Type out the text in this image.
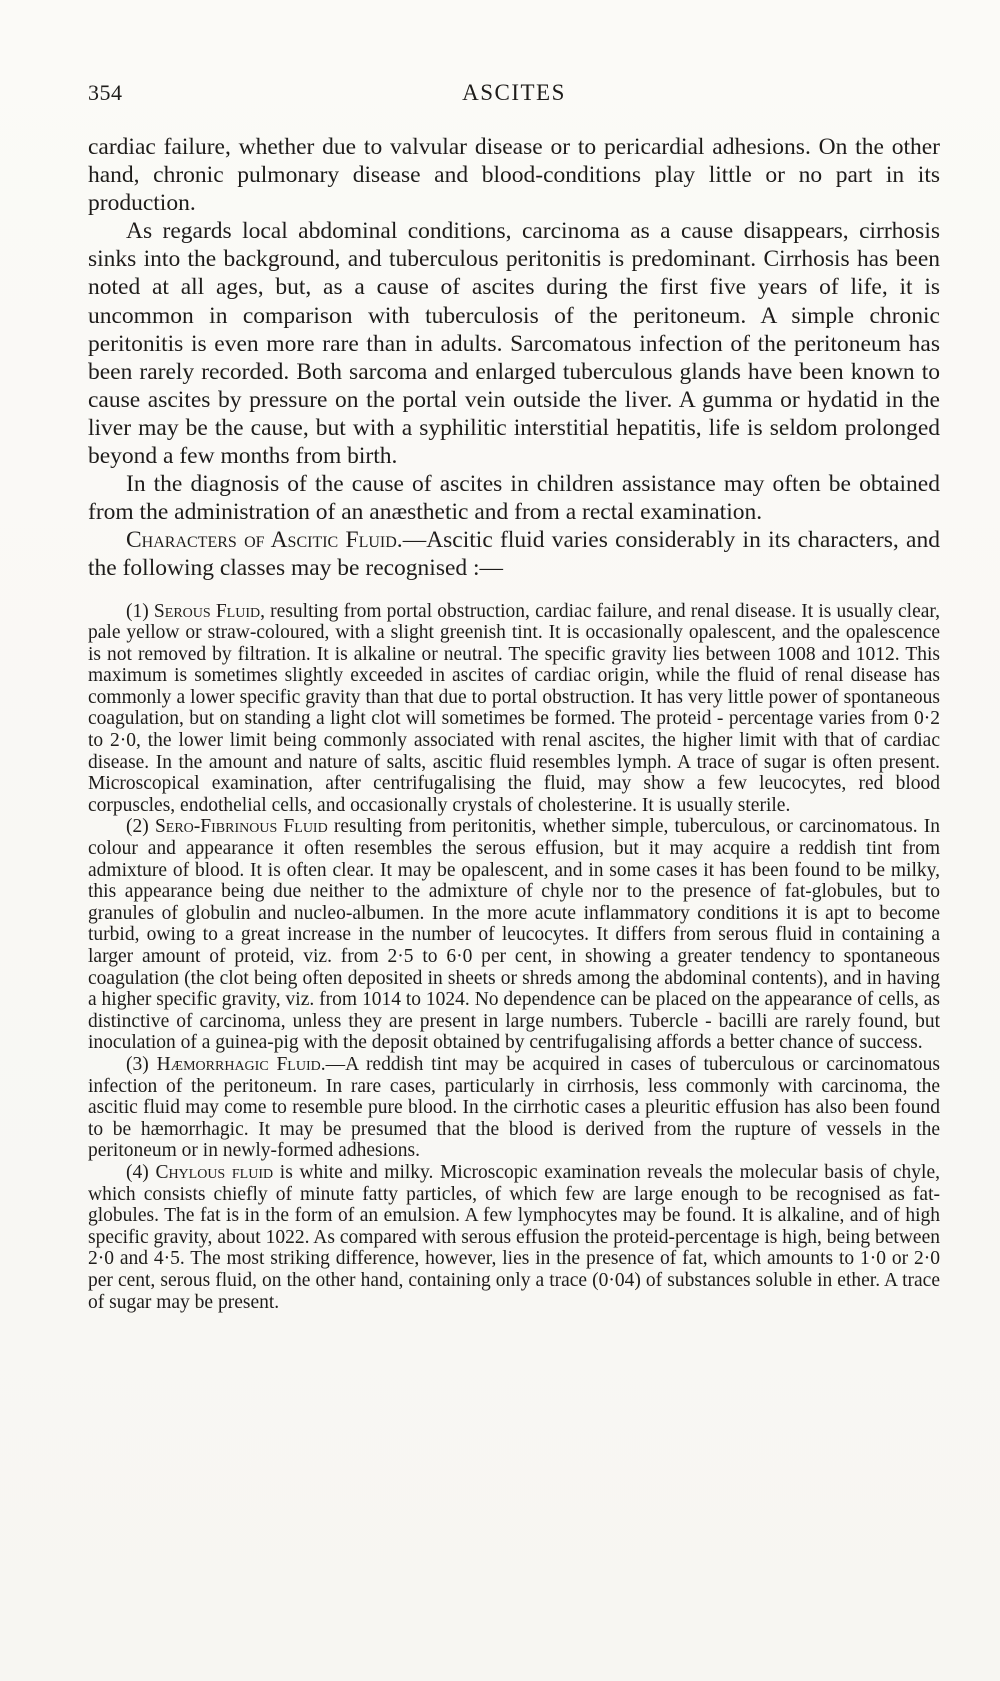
354	ASCITES

cardiac failure, whether due to valvular disease or to pericardial adhesions. On the other hand, chronic pulmonary disease and blood-conditions play little or no part in its production.

As regards local abdominal conditions, carcinoma as a cause disappears, cirrhosis sinks into the background, and tuberculous peritonitis is predominant. Cirrhosis has been noted at all ages, but, as a cause of ascites during the first five years of life, it is uncommon in comparison with tuberculosis of the peritoneum. A simple chronic peritonitis is even more rare than in adults. Sarcomatous infection of the peritoneum has been rarely recorded. Both sarcoma and enlarged tuberculous glands have been known to cause ascites by pressure on the portal vein outside the liver. A gumma or hydatid in the liver may be the cause, but with a syphilitic interstitial hepatitis, life is seldom prolonged beyond a few months from birth.

In the diagnosis of the cause of ascites in children assistance may often be obtained from the administration of an anæsthetic and from a rectal examination.

Characters of Ascitic Fluid.—Ascitic fluid varies considerably in its characters, and the following classes may be recognised :—

(1) Serous Fluid, resulting from portal obstruction, cardiac failure, and renal disease. It is usually clear, pale yellow or straw-coloured, with a slight greenish tint. It is occasionally opalescent, and the opalescence is not removed by filtration. It is alkaline or neutral. The specific gravity lies between 1008 and 1012. This maximum is sometimes slightly exceeded in ascites of cardiac origin, while the fluid of renal disease has commonly a lower specific gravity than that due to portal obstruction. It has very little power of spontaneous coagulation, but on standing a light clot will sometimes be formed. The proteid - percentage varies from 0·2 to 2·0, the lower limit being commonly associated with renal ascites, the higher limit with that of cardiac disease. In the amount and nature of salts, ascitic fluid resembles lymph. A trace of sugar is often present. Microscopical examination, after centrifugalising the fluid, may show a few leucocytes, red blood corpuscles, endothelial cells, and occasionally crystals of cholesterine. It is usually sterile.

(2) Sero-Fibrinous Fluid resulting from peritonitis, whether simple, tuberculous, or carcinomatous. In colour and appearance it often resembles the serous effusion, but it may acquire a reddish tint from admixture of blood. It is often clear. It may be opalescent, and in some cases it has been found to be milky, this appearance being due neither to the admixture of chyle nor to the presence of fat-globules, but to granules of globulin and nucleo-albumen. In the more acute inflammatory conditions it is apt to become turbid, owing to a great increase in the number of leucocytes. It differs from serous fluid in containing a larger amount of proteid, viz. from 2·5 to 6·0 per cent, in showing a greater tendency to spontaneous coagulation (the clot being often deposited in sheets or shreds among the abdominal contents), and in having a higher specific gravity, viz. from 1014 to 1024. No dependence can be placed on the appearance of cells, as distinctive of carcinoma, unless they are present in large numbers. Tubercle - bacilli are rarely found, but inoculation of a guinea-pig with the deposit obtained by centrifugalising affords a better chance of success.

(3) Hæmorrhagic Fluid.—A reddish tint may be acquired in cases of tuberculous or carcinomatous infection of the peritoneum. In rare cases, particularly in cirrhosis, less commonly with carcinoma, the ascitic fluid may come to resemble pure blood. In the cirrhotic cases a pleuritic effusion has also been found to be hæmorrhagic. It may be presumed that the blood is derived from the rupture of vessels in the peritoneum or in newly-formed adhesions.

(4) Chylous fluid is white and milky. Microscopic examination reveals the molecular basis of chyle, which consists chiefly of minute fatty particles, of which few are large enough to be recognised as fat-globules. The fat is in the form of an emulsion. A few lymphocytes may be found. It is alkaline, and of high specific gravity, about 1022. As compared with serous effusion the proteid-percentage is high, being between 2·0 and 4·5. The most striking difference, however, lies in the presence of fat, which amounts to 1·0 or 2·0 per cent, serous fluid, on the other hand, containing only a trace (0·04) of substances soluble in ether. A trace of sugar may be present.
